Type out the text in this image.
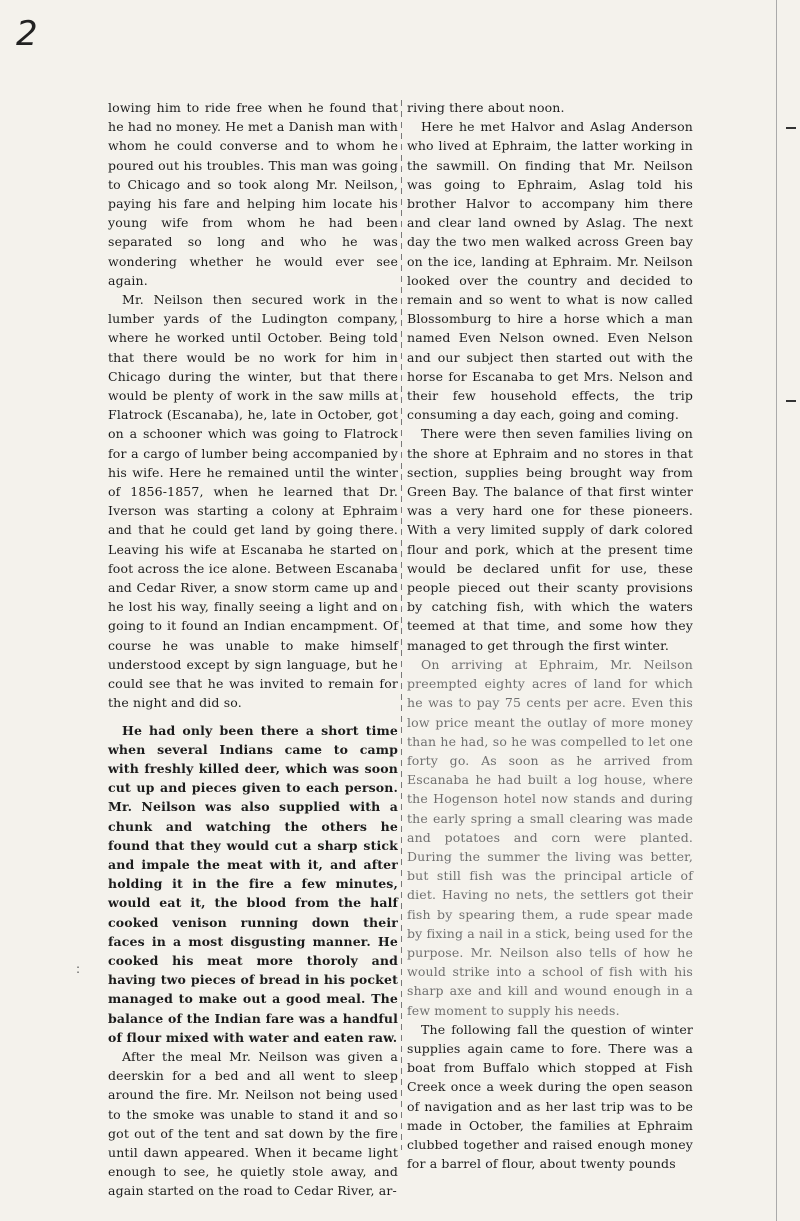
2
:

lowing him to ride free when he found that he had no money. He met a Danish man with whom he could converse and to whom he poured out his troubles. This man was going to Chicago and so took along Mr. Neilson, paying his fare and helping him locate his young wife from whom he had been separated so long and who he was wondering whether he would ever see again.

Mr. Neilson then secured work in the lumber yards of the Ludington company, where he worked until October. Being told that there would be no work for him in Chicago during the winter, but that there would be plenty of work in the saw mills at Flatrock (Escanaba), he, late in October, got on a schooner which was going to Flatrock for a cargo of lumber being accompanied by his wife. Here he remained until the winter of 1856-1857, when he learned that Dr. Iverson was starting a colony at Ephraim and that he could get land by going there. Leaving his wife at Escanaba he started on foot across the ice alone. Between Escanaba and Cedar River, a snow storm came up and he lost his way, finally seeing a light and on going to it found an Indian encampment. Of course he was unable to make himself understood except by sign language, but he could see that he was invited to remain for the night and did so.

He had only been there a short time when several Indians came to camp with freshly killed deer, which was soon cut up and pieces given to each person. Mr. Neilson was also supplied with a chunk and watching the others he found that they would cut a sharp stick and impale the meat with it, and after holding it in the fire a few minutes, would eat it, the blood from the half cooked venison running down their faces in a most disgusting manner. He cooked his meat more thoroly and having two pieces of bread in his pocket managed to make out a good meal. The balance of the Indian fare was a handful of flour mixed with water and eaten raw.

After the meal Mr. Neilson was given a deerskin for a bed and all went to sleep around the fire. Mr. Neilson not being used to the smoke was unable to stand it and so got out of the tent and sat down by the fire until dawn appeared. When it became light enough to see, he quietly stole away, and again started on the road to Cedar River, ar-

riving there about noon.

Here he met Halvor and Aslag Anderson who lived at Ephraim, the latter working in the sawmill. On finding that Mr. Neilson was going to Ephraim, Aslag told his brother Halvor to accompany him there and clear land owned by Aslag. The next day the two men walked across Green bay on the ice, landing at Ephraim. Mr. Neilson looked over the country and decided to remain and so went to what is now called Blossomburg to hire a horse which a man named Even Nelson owned. Even Nelson and our subject then started out with the horse for Escanaba to get Mrs. Nelson and their few household effects, the trip consuming a day each, going and coming.

There were then seven families living on the shore at Ephraim and no stores in that section, supplies being brought way from Green Bay. The balance of that first winter was a very hard one for these pioneers. With a very limited supply of dark colored flour and pork, which at the present time would be declared unfit for use, these people pieced out their scanty provisions by catching fish, with which the waters teemed at that time, and some how they managed to get through the first winter.

On arriving at Ephraim, Mr. Neilson preempted eighty acres of land for which he was to pay 75 cents per acre. Even this low price meant the outlay of more money than he had, so he was compelled to let one forty go. As soon as he arrived from Escanaba he had built a log house, where the Hogenson hotel now stands and during the early spring a small clearing was made and potatoes and corn were planted. During the summer the living was better, but still fish was the principal article of diet. Having no nets, the settlers got their fish by spearing them, a rude spear made by fixing a nail in a stick, being used for the purpose. Mr. Neilson also tells of how he would strike into a school of fish with his sharp axe and kill and wound enough in a few moment to supply his needs.

The following fall the question of winter supplies again came to fore. There was a boat from Buffalo which stopped at Fish Creek once a week during the open season of navigation and as her last trip was to be made in October, the families at Ephraim clubbed together and raised enough money for a barrel of flour, about twenty pounds
